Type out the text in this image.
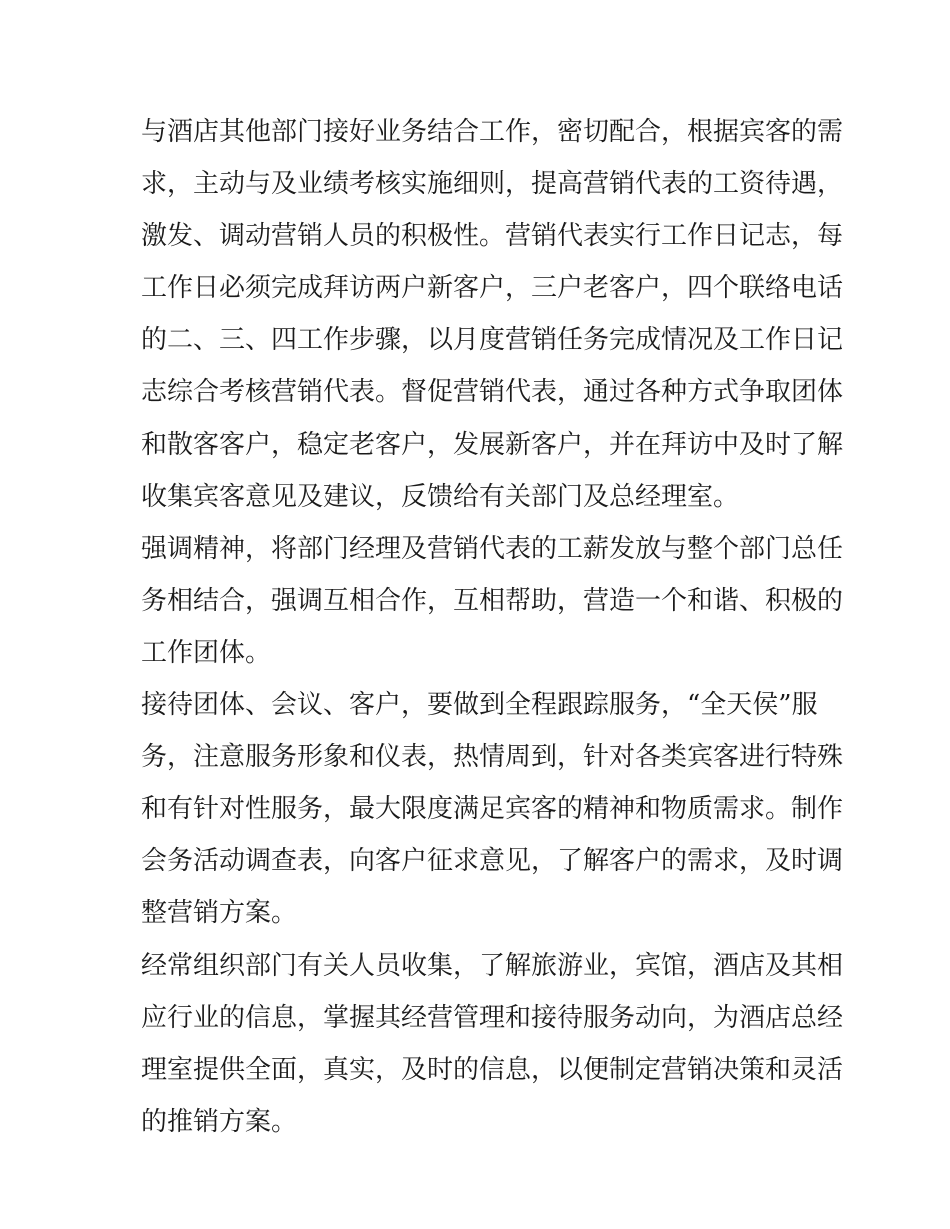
与酒店其他部门接好业务结合工作，密切配合，根据宾客的需
求，主动与及业绩考核实施细则，提高营销代表的工资待遇，
激发、调动营销人员的积极性。营销代表实行工作日记志，每
工作日必须完成拜访两户新客户，三户老客户，四个联络电话
的二、三、四工作步骤，以月度营销任务完成情况及工作日记
志综合考核营销代表。督促营销代表，通过各种方式争取团体
和散客客户，稳定老客户，发展新客户，并在拜访中及时了解
收集宾客意见及建议，反馈给有关部门及总经理室。
强调精神，将部门经理及营销代表的工薪发放与整个部门总任
务相结合，强调互相合作，互相帮助，营造一个和谐、积极的
工作团体。
接待团体、会议、客户，要做到全程跟踪服务，“全天侯”服
务，注意服务形象和仪表，热情周到，针对各类宾客进行特殊
和有针对性服务，最大限度满足宾客的精神和物质需求。制作
会务活动调查表，向客户征求意见，了解客户的需求，及时调
整营销方案。
经常组织部门有关人员收集，了解旅游业，宾馆，酒店及其相
应行业的信息，掌握其经营管理和接待服务动向，为酒店总经
理室提供全面，真实，及时的信息，以便制定营销决策和灵活
的推销方案。
